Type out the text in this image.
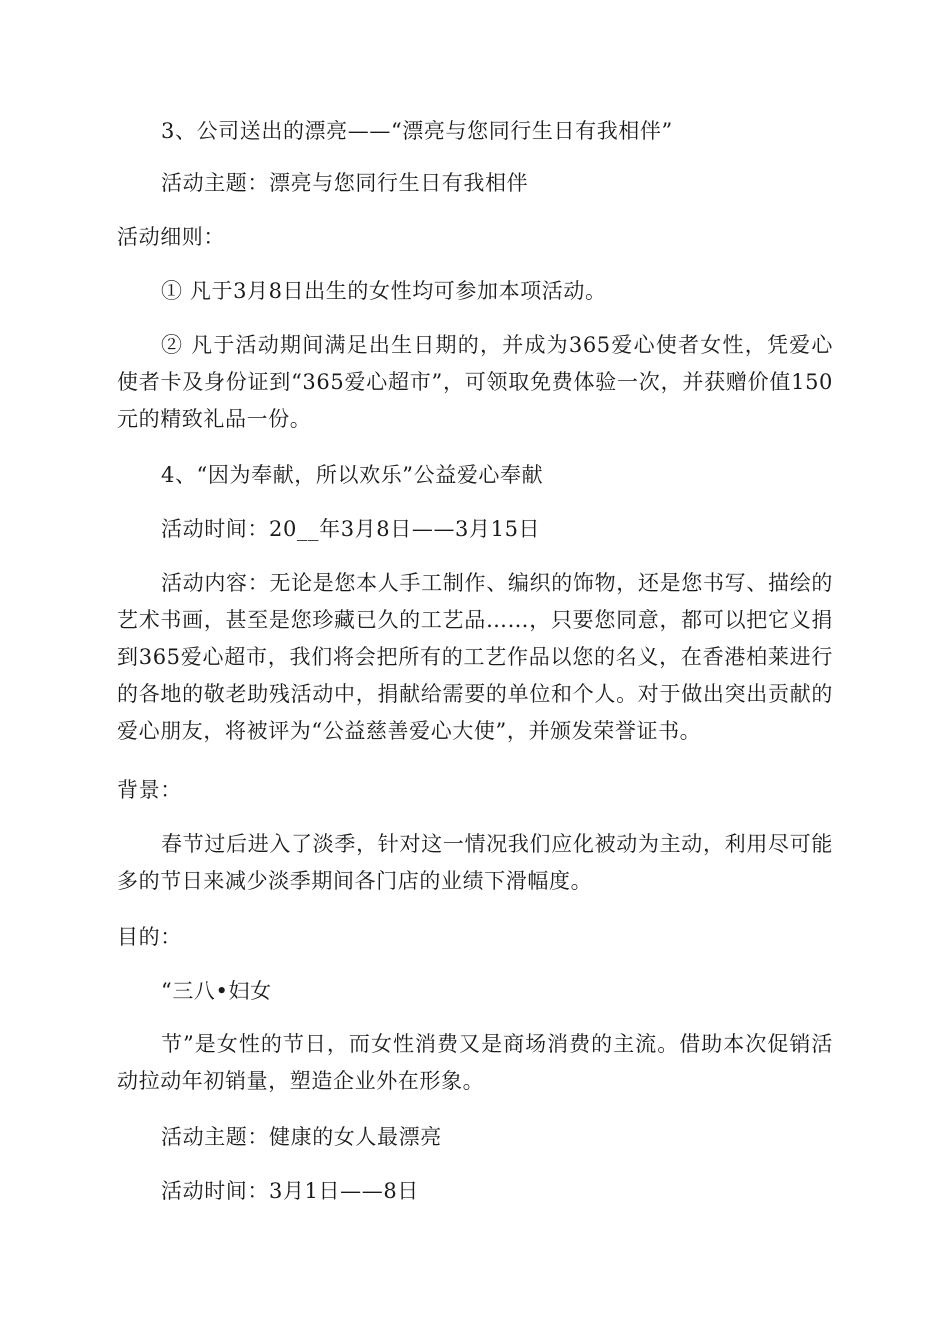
3、公司送出的漂亮——“漂亮与您同行生日有我相伴”

活动主题：漂亮与您同行生日有我相伴

活动细则：

① 凡于3月8日出生的女性均可参加本项活动。

② 凡于活动期间满足出生日期的，并成为365爱心使者女性，凭爱心使者卡及身份证到“365爱心超市”，可领取免费体验一次，并获赠价值150元的精致礼品一份。

4、“因为奉献，所以欢乐”公益爱心奉献

活动时间：20__年3月8日——3月15日

活动内容：无论是您本人手工制作、编织的饰物，还是您书写、描绘的艺术书画，甚至是您珍藏已久的工艺品……，只要您同意，都可以把它义捐到365爱心超市，我们将会把所有的工艺作品以您的名义，在香港柏莱进行的各地的敬老助残活动中，捐献给需要的单位和个人。对于做出突出贡献的爱心朋友，将被评为“公益慈善爱心大使”，并颁发荣誉证书。

背景：

春节过后进入了淡季，针对这一情况我们应化被动为主动，利用尽可能多的节日来减少淡季期间各门店的业绩下滑幅度。

目的：

“三八•妇女

节”是女性的节日，而女性消费又是商场消费的主流。借助本次促销活动拉动年初销量，塑造企业外在形象。

活动主题：健康的女人最漂亮

活动时间：3月1日——8日
